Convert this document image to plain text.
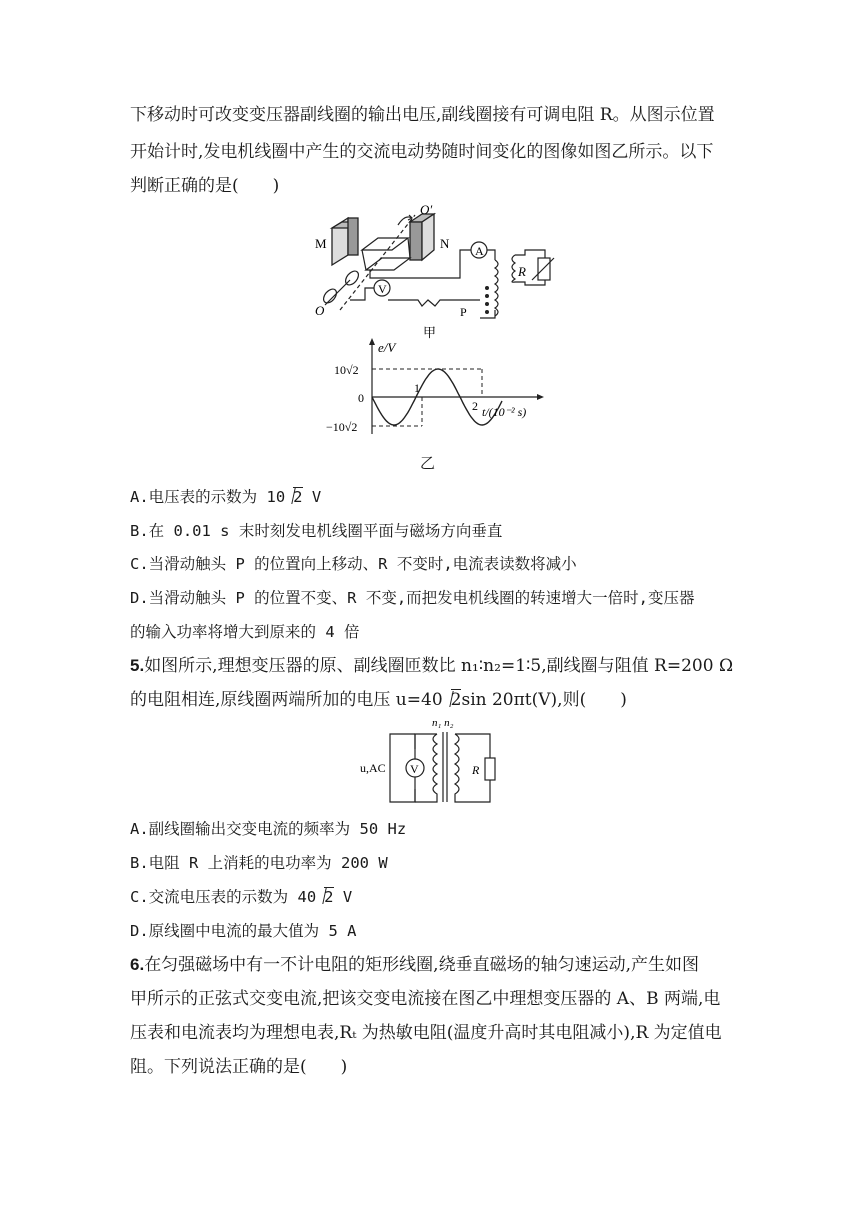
下移动时可改变变压器副线圈的输出电压,副线圈接有可调电阻 R。从图示位置
开始计时,发电机线圈中产生的交流电动势随时间变化的图像如图乙所示。以下
判断正确的是(　　)
A
V
R
M	N
O′
O	P
甲
e/V
10√2
0
−10√2
1
2 t/(10⁻² s)
乙
A.电压表的示数为 10 2 V
B.在 0.01 s 末时刻发电机线圈平面与磁场方向垂直
C.当滑动触头 P 的位置向上移动、R 不变时,电流表读数将减小
D.当滑动触头 P 的位置不变、R 不变,而把发电机线圈的转速增大一倍时,变压器
的输入功率将增大到原来的 4 倍
5.如图所示,理想变压器的原、副线圈匝数比 n₁∶n₂=1∶5,副线圈与阻值 R=200 Ω
的电阻相连,原线圈两端所加的电压 u=40 2sin 20πt(V),则(　　)
V
n₁ n₂
u,AC	R
A.副线圈输出交变电流的频率为 50 Hz
B.电阻 R 上消耗的电功率为 200 W
C.交流电压表的示数为 40 2 V
D.原线圈中电流的最大值为 5 A
6.在匀强磁场中有一不计电阻的矩形线圈,绕垂直磁场的轴匀速运动,产生如图
甲所示的正弦式交变电流,把该交变电流接在图乙中理想变压器的 A、B 两端,电
压表和电流表均为理想电表,Rₜ 为热敏电阻(温度升高时其电阻减小),R 为定值电
阻。下列说法正确的是(　　)
